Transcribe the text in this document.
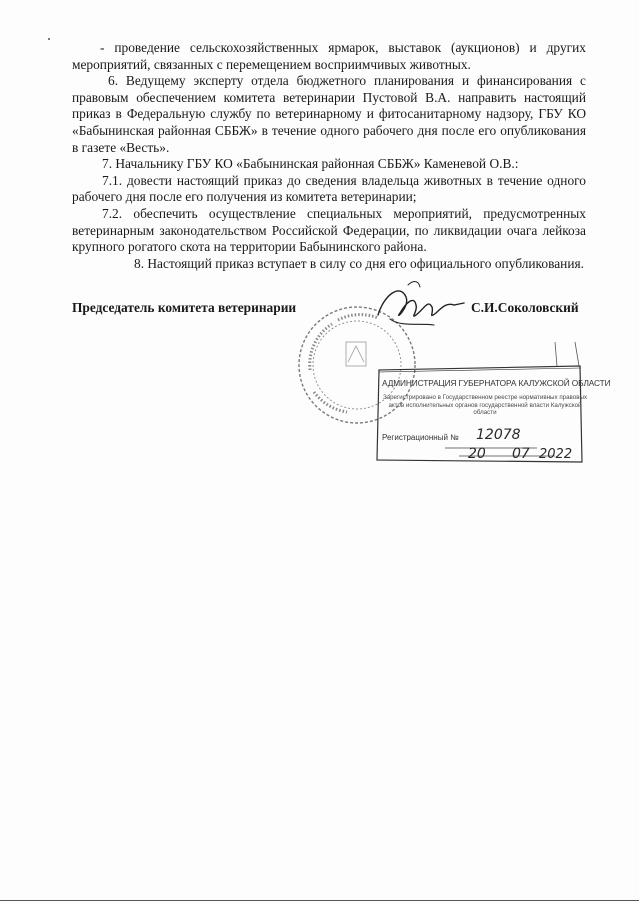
- проведение сельскохозяйственных ярмарок, выставок (аукционов) и других мероприятий, связанных с перемещением восприимчивых животных.

6. Ведущему эксперту отдела бюджетного планирования и финансирования с правовым обеспечением комитета ветеринарии Пустовой В.А. направить настоящий приказ в Федеральную службу по ветеринарному и фитосанитарному надзору, ГБУ КО «Бабынинская районная СББЖ» в течение одного рабочего дня после его опубликования в газете «Весть».

7. Начальнику ГБУ КО «Бабынинская районная СББЖ» Каменевой О.В.:

7.1. довести настоящий приказ до сведения владельца животных в течение одного рабочего дня после его получения из комитета ветеринарии;

7.2. обеспечить осуществление специальных мероприятий, предусмотренных ветеринарным законодательством Российской Федерации, по ликвидации очага лейкоза крупного рогатого скота на территории Бабынинского района.

8. Настоящий приказ вступает в силу со дня его официального опубликования.

Председатель комитета ветеринарии	С.И.Соколовский
АДМИНИСТРАЦИЯ ГУБЕРНАТОРА КАЛУЖСКОЙ ОБЛАСТИ
Зарегистрировано в Государственном реестре нормативных правовых актов исполнительных органов государственной власти Калужской области
Регистрационный № 12078
20 07 2022
